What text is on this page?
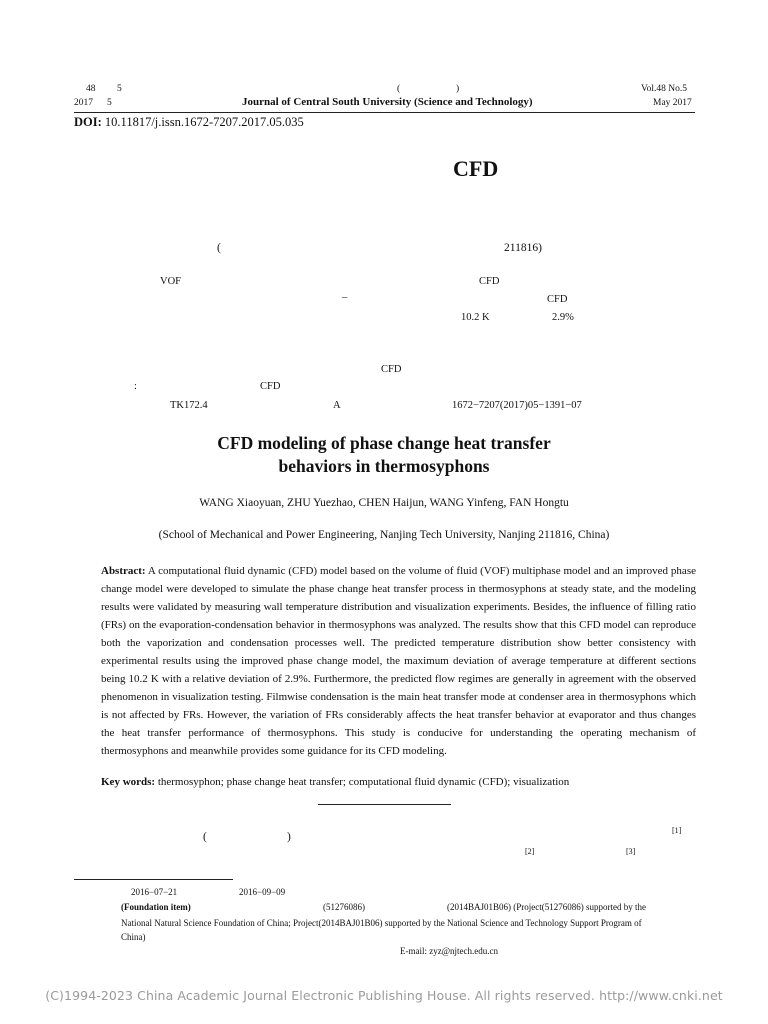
48 5	(	)	Vol.48 No.5
2017 5	Journal of Central South University (Science and Technology)	May 2017
DOI: 10.11817/j.issn.1672-7207.2017.05.035
CFD
(	211816)
VOF	CFD
–	CFD
10.2 K	2.9%
CFD
:	CFD
TK172.4	A	1672−7207(2017)05−1391−07
CFD modeling of phase change heat transfer
behaviors in thermosyphons
WANG Xiaoyuan, ZHU Yuezhao, CHEN Haijun, WANG Yinfeng, FAN Hongtu
(School of Mechanical and Power Engineering, Nanjing Tech University, Nanjing 211816, China)
Abstract: A computational fluid dynamic (CFD) model based on the volume of fluid (VOF) multiphase model and an improved phase change model were developed to simulate the phase change heat transfer process in thermosyphons at steady state, and the modeling results were validated by measuring wall temperature distribution and visualization experiments. Besides, the influence of filling ratio (FRs) on the evaporation-condensation behavior in thermosyphons was analyzed. The results show that this CFD model can reproduce both the vaporization and condensation processes well. The predicted temperature distribution show better consistency with experimental results using the improved phase change model, the maximum deviation of average temperature at different sections being 10.2 K with a relative deviation of 2.9%. Furthermore, the predicted flow regimes are generally in agreement with the observed phenomenon in visualization testing. Filmwise condensation is the main heat transfer mode at condenser area in thermosyphons which is not affected by FRs. However, the variation of FRs considerably affects the heat transfer behavior at evaporator and thus changes the heat transfer performance of thermosyphons. This study is conducive for understanding the operating mechanism of thermosyphons and meanwhile provides some guidance for its CFD modeling.
Key words: thermosyphon; phase change heat transfer; computational fluid dynamic (CFD); visualization
[1]
(	)
[2]	[3]
2016−07−21	2016−09−09
(Foundation item)	(51276086)	(2014BAJ01B06) (Project(51276086) supported by the
National Natural Science Foundation of China; Project(2014BAJ01B06) supported by the National Science and Technology Support Program of
China)
E-mail: zyz@njtech.edu.cn
(C)1994-2023 China Academic Journal Electronic Publishing House. All rights reserved. http://www.cnki.net
